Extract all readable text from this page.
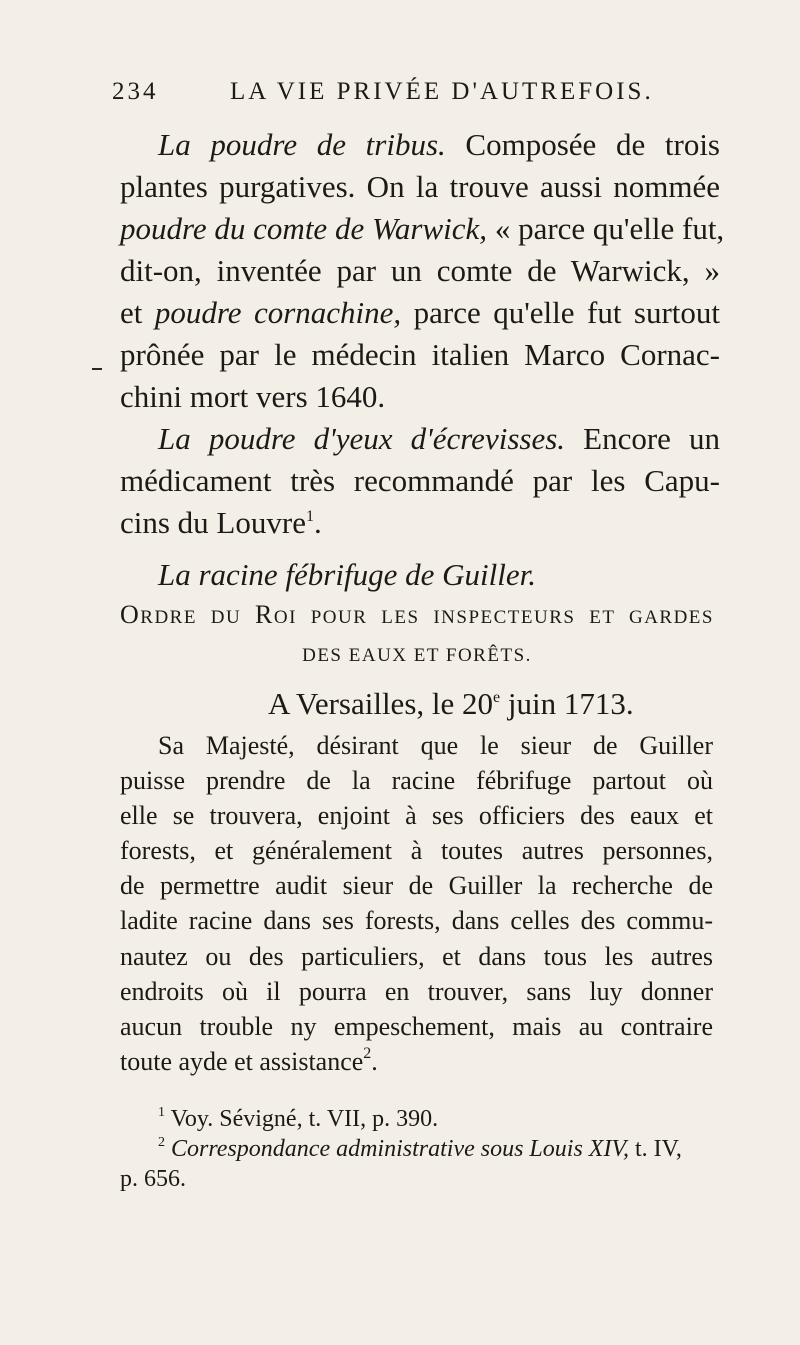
234	LA VIE PRIVÉE D'AUTREFOIS.
La poudre de tribus. Composée de trois
plantes purgatives. On la trouve aussi nommée
poudre du comte de Warwick, « parce qu'elle fut,
dit-on, inventée par un comte de Warwick, »
et poudre cornachine, parce qu'elle fut surtout
prônée par le médecin italien Marco Cornac-
chini mort vers 1640.
La poudre d'yeux d'écrevisses. Encore un
médicament très recommandé par les Capu-
cins du Louvre$^1$.
La racine fébrifuge de Guiller.
ORDRE DU ROI POUR LES INSPECTEURS ET GARDES
DES EAUX ET FORÊTS.
A Versailles, le 20e juin 1713.
Sa Majesté, désirant que le sieur de Guiller
puisse prendre de la racine fébrifuge partout où
elle se trouvera, enjoint à ses officiers des eaux et
forests, et généralement à toutes autres personnes,
de permettre audit sieur de Guiller la recherche de
ladite racine dans ses forests, dans celles des commu-
nautez ou des particuliers, et dans tous les autres
endroits où il pourra en trouver, sans luy donner
aucun trouble ny empeschement, mais au contraire
toute ayde et assistance$^2$.
$^1$ Voy. Sévigné, t. VII, p. 390.
$^2$ Correspondance administrative sous Louis XIV, t. IV,
p. 656.
